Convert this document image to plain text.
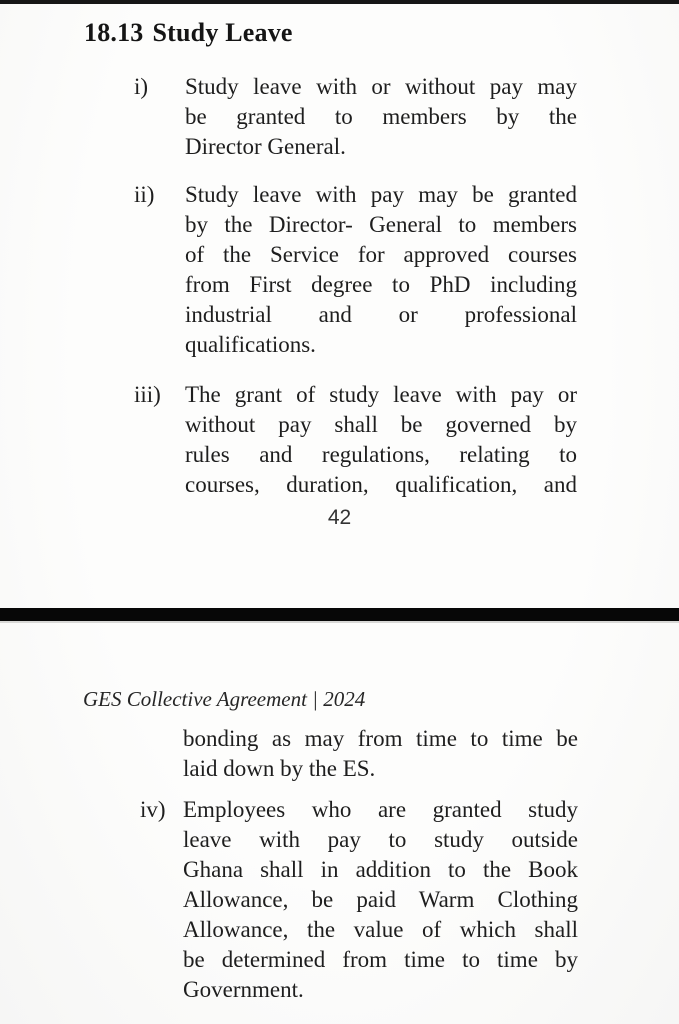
18.13 Study Leave
i) Study leave with or without pay may
be granted to members by the
Director General.
ii) Study leave with pay may be granted
by the Director- General to members
of the Service for approved courses
from First degree to PhD including
industrial and or professional
qualifications.
iii) The grant of study leave with pay or
without pay shall be governed by
rules and regulations, relating to
courses, duration, qualification, and
42
GES Collective Agreement | 2024
bonding as may from time to time be
laid down by the ES.
iv) Employees who are granted study
leave with pay to study outside
Ghana shall in addition to the Book
Allowance, be paid Warm Clothing
Allowance, the value of which shall
be determined from time to time by
Government.
